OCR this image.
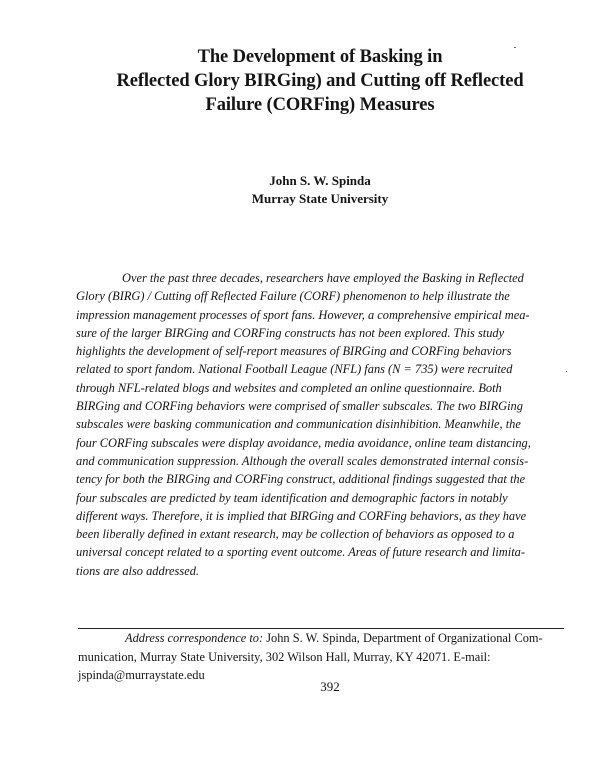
The Development of Basking in
Reflected Glory BIRGing) and Cutting off Reflected
Failure (CORFing) Measures
John S. W. Spinda
Murray State University
Over the past three decades, researchers have employed the Basking in Reflected
Glory (BIRG) / Cutting off Reflected Failure (CORF) phenomenon to help illustrate the
impression management processes of sport fans. However, a comprehensive empirical mea-
sure of the larger BIRGing and CORFing constructs has not been explored. This study
highlights the development of self-report measures of BIRGing and CORFing behaviors
related to sport fandom. National Football League (NFL) fans (N = 735) were recruited
through NFL-related blogs and websites and completed an online questionnaire. Both
BIRGing and CORFing behaviors were comprised of smaller subscales. The two BIRGing
subscales were basking communication and communication disinhibition. Meanwhile, the
four CORFing subscales were display avoidance, media avoidance, online team distancing,
and communication suppression. Although the overall scales demonstrated internal consis-
tency for both the BIRGing and CORFing construct, additional findings suggested that the
four subscales are predicted by team identification and demographic factors in notably
different ways. Therefore, it is implied that BIRGing and CORFing behaviors, as they have
been liberally defined in extant research, may be collection of behaviors as opposed to a
universal concept related to a sporting event outcome. Areas of future research and limita-
tions are also addressed.
Address correspondence to: John S. W. Spinda, Department of Organizational Com-
munication, Murray State University, 302 Wilson Hall, Murray, KY 42071. E-mail:
jspinda@murraystate.edu
392
